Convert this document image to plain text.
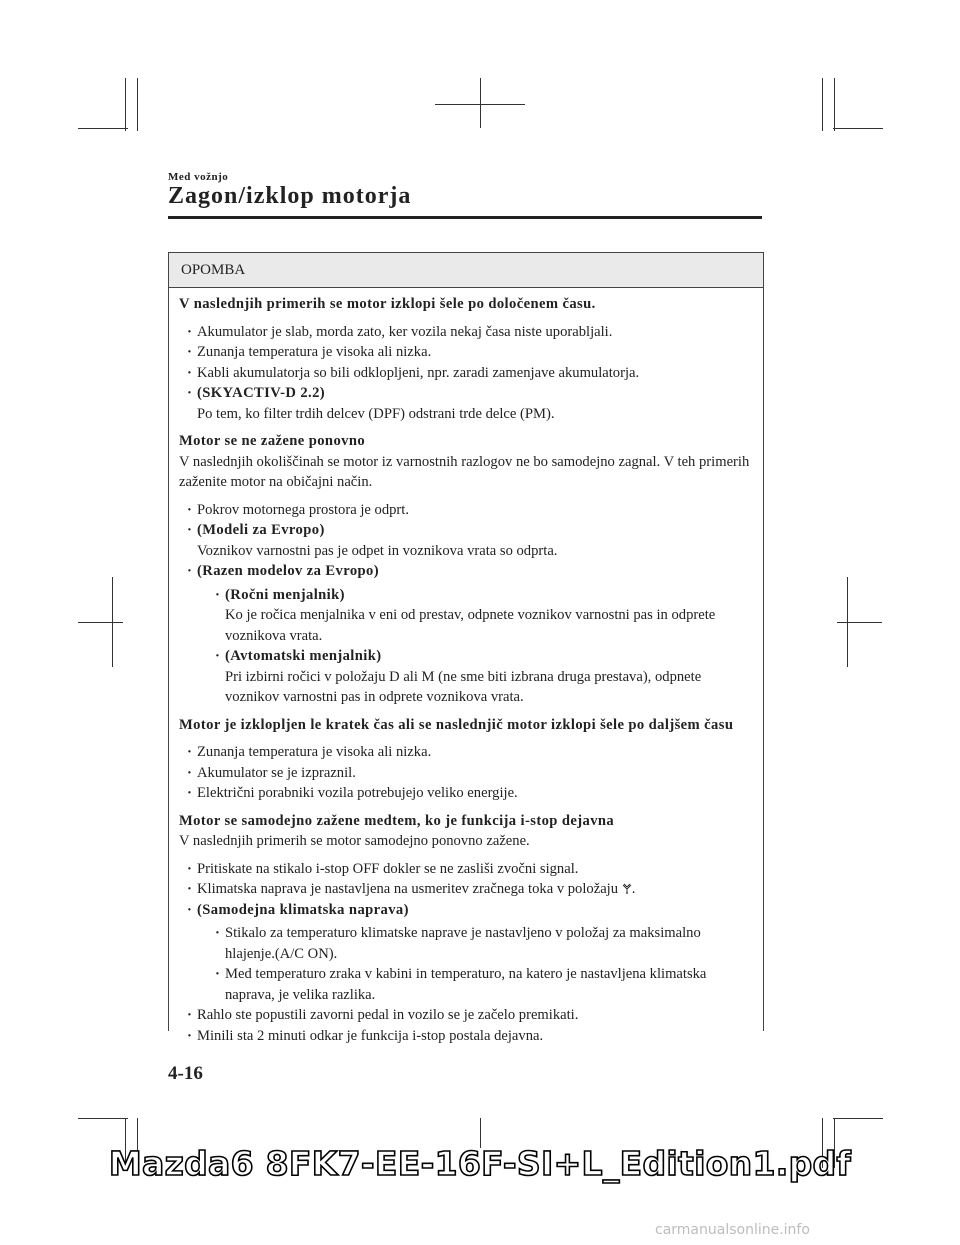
Med vožnjo
Zagon/izklop motorja
OPOMBA

V naslednjih primerih se motor izklopi šele po določenem času.

· Akumulator je slab, morda zato, ker vozila nekaj časa niste uporabljali.
· Zunanja temperatura je visoka ali nizka.
· Kabli akumulatorja so bili odklopljeni, npr. zaradi zamenjave akumulatorja.
· (SKYACTIV-D 2.2)
Po tem, ko filter trdih delcev (DPF) odstrani trde delce (PM).

Motor se ne zažene ponovno
V naslednjih okoliščinah se motor iz varnostnih razlogov ne bo samodejno zagnal. V teh primerih zaženite motor na običajni način.

· Pokrov motornega prostora je odprt.
· (Modeli za Evropo)
Voznikov varnostni pas je odpet in voznikova vrata so odprta.
· (Razen modelov za Evropo)
· (Ročni menjalnik)
Ko je ročica menjalnika v eni od prestav, odpnete voznikov varnostni pas in odprete voznikova vrata.
· (Avtomatski menjalnik)
Pri izbirni ročici v položaju D ali M (ne sme biti izbrana druga prestava), odpnete voznikov varnostni pas in odprete voznikova vrata.

Motor je izklopljen le kratek čas ali se naslednjič motor izklopi šele po daljšem času

· Zunanja temperatura je visoka ali nizka.
· Akumulator se je izpraznil.
· Električni porabniki vozila potrebujejo veliko energije.

Motor se samodejno zažene medtem, ko je funkcija i-stop dejavna
V naslednjih primerih se motor samodejno ponovno zažene.

· Pritiskate na stikalo i-stop OFF dokler se ne zasliši zvočni signal.
· Klimatska naprava je nastavljena na usmeritev zračnega toka v položaju .
· (Samodejna klimatska naprava)
· Stikalo za temperaturo klimatske naprave je nastavljeno v položaj za maksimalno hlajenje.(A/C ON).
· Med temperaturo zraka v kabini in temperaturo, na katero je nastavljena klimatska naprava, je velika razlika.
· Rahlo ste popustili zavorni pedal in vozilo se je začelo premikati.
· Minili sta 2 minuti odkar je funkcija i-stop postala dejavna.
4-16
Mazda6 8FK7-EE-16F-SI+L_Edition1.pdf
carmanualsonline.info
